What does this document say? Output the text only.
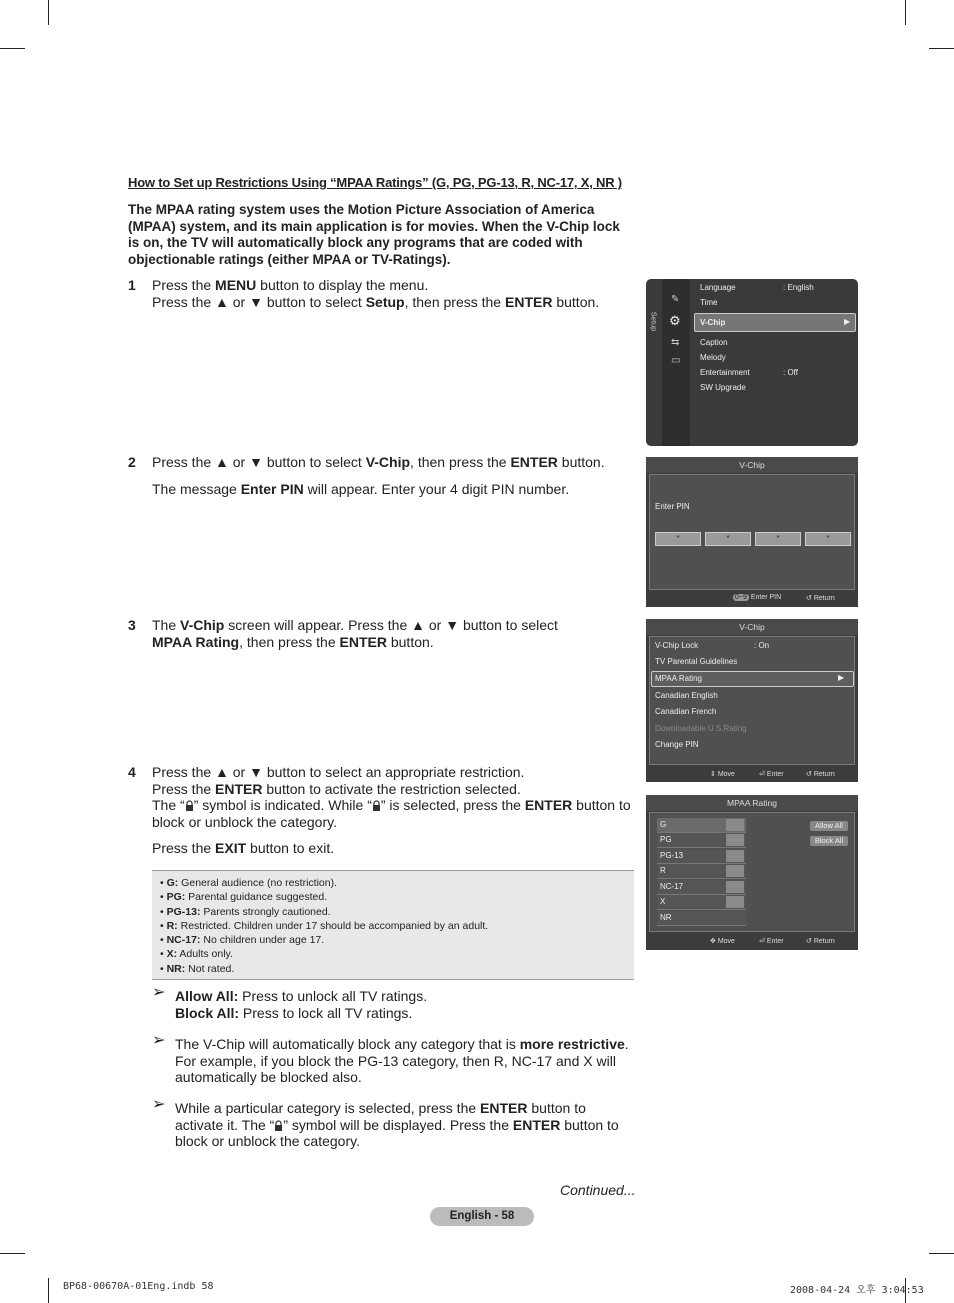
How to Set up Restrictions Using “MPAA Ratings” (G, PG, PG-13, R, NC-17, X, NR )
The MPAA rating system uses the Motion Picture Association of America (MPAA) system, and its main application is for movies. When the V-Chip lock is on, the TV will automatically block any programs that are coded with objectionable ratings (either MPAA or TV-Ratings).
1 Press the MENU button to display the menu.

Press the ▲ or ▼ button to select Setup, then press the ENTER button.

2 Press the ▲ or ▼ button to select V-Chip, then press the ENTER button.

The message Enter PIN will appear. Enter your 4 digit PIN number.

3 The V-Chip screen will appear. Press the ▲ or ▼ button to select MPAA Rating, then press the ENTER button.

4 Press the ▲ or ▼ button to select an appropriate restriction.

Press the ENTER button to activate the restriction selected.

The “ ” symbol is indicated. While “ ” is selected, press the ENTER button to block or unblock the category.

Press the EXIT button to exit.

• G: General audience (no restriction).
• PG: Parental guidance suggested.
• PG-13: Parents strongly cautioned.
• R: Restricted. Children under 17 should be accompanied by an adult.
• NC-17: No children under age 17.
• X: Adults only.
• NR: Not rated.
➢ Allow All: Press to unlock all TV ratings.
Block All: Press to lock all TV ratings.
➢ The V-Chip will automatically block any category that is more restrictive. For example, if you block the PG-13 category, then R, NC-17 and X will automatically be blocked also.
➢ While a particular category is selected, press the ENTER button to activate it. The “ ” symbol will be displayed. Press the ENTER button to block or unblock the category.
Continued...
English - 58
BP68-00670A-01Eng.indb 58	2008-04-24 오후 3:04:53
Setup
✎
⚙
⇆
▭
Language	: English
Time
V-Chip	▶
Caption
Melody
Entertainment	: Off
SW Upgrade
V-Chip
Enter PIN
*	*	*	*
0~9 Enter PIN	↺ Return
V-Chip
V-Chip Lock	: On
TV Parental Guidelines
MPAA Rating	▶
Canadian English
Canadian French
Downloadable U.S.Rating
Change PIN
⇕ Move	⏎ Enter	↺ Return
MPAA Rating
G
PG
PG-13
R
NC-17
X
NR
Allow All
Block All
✥ Move	⏎ Enter	↺ Return
